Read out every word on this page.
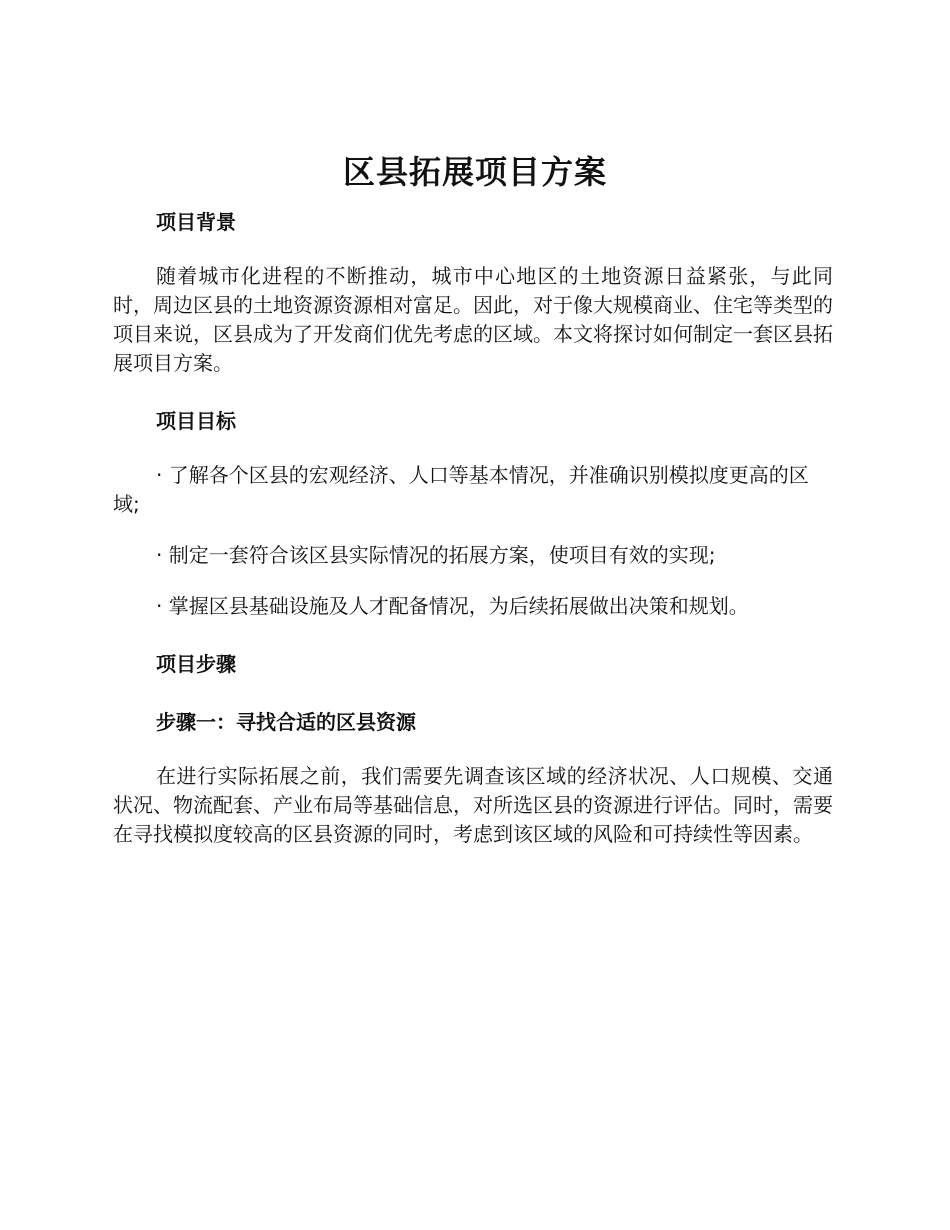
区县拓展项目方案
项目背景

随着城市化进程的不断推动，城市中心地区的土地资源日益紧张，与此同时，周边区县的土地资源资源相对富足。因此，对于像大规模商业、住宅等类型的项目来说，区县成为了开发商们优先考虑的区域。本文将探讨如何制定一套区县拓展项目方案。

项目目标

· 了解各个区县的宏观经济、人口等基本情况，并准确识别模拟度更高的区域;

· 制定一套符合该区县实际情况的拓展方案，使项目有效的实现;

· 掌握区县基础设施及人才配备情况，为后续拓展做出决策和规划。

项目步骤
步骤一：寻找合适的区县资源

在进行实际拓展之前，我们需要先调查该区域的经济状况、人口规模、交通状况、物流配套、产业布局等基础信息，对所选区县的资源进行评估。同时，需要在寻找模拟度较高的区县资源的同时，考虑到该区域的风险和可持续性等因素。
